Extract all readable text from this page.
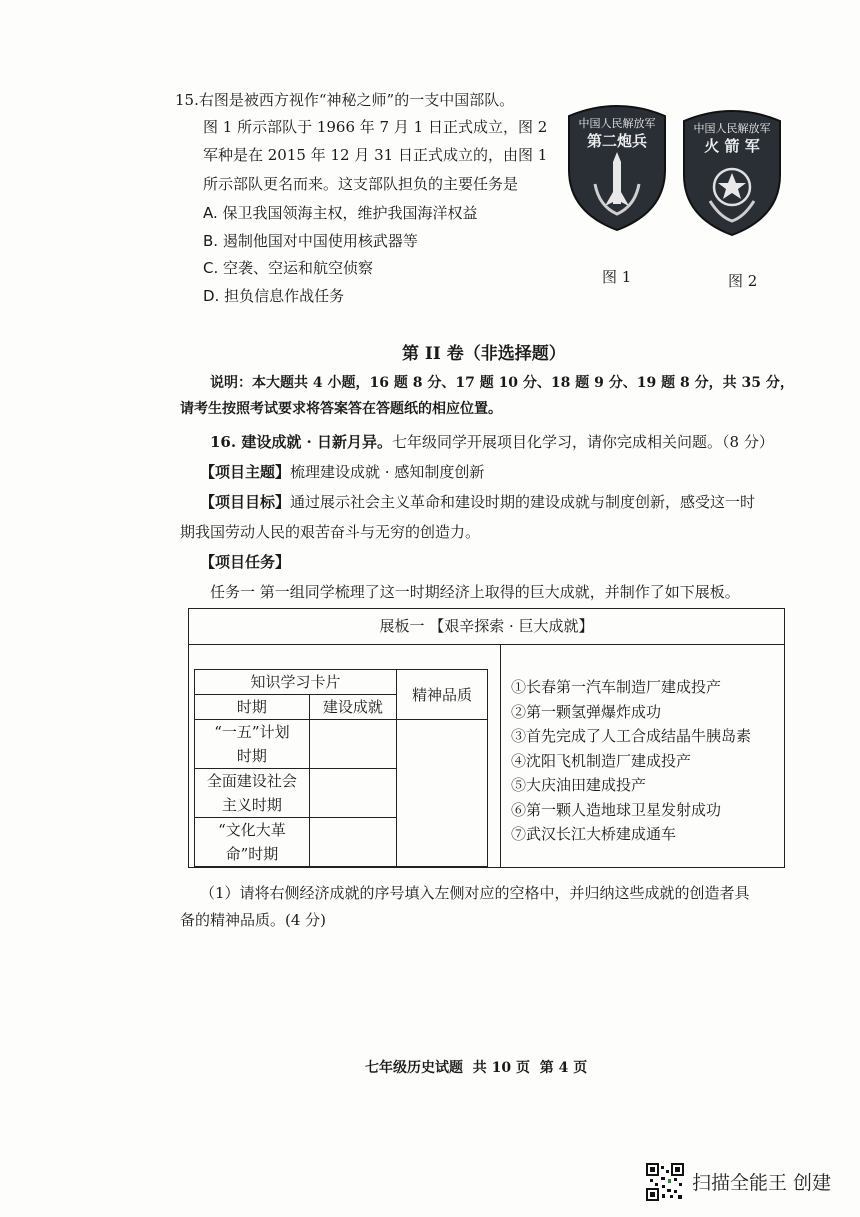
15.右图是被西方视作“神秘之师”的一支中国部队。
图 1 所示部队于 1966 年 7 月 1 日正式成立，图 2
军种是在 2015 年 12 月 31 日正式成立的，由图 1
所示部队更名而来。这支部队担负的主要任务是
A. 保卫我国领海主权，维护我国海洋权益
B. 遏制他国对中国使用核武器等
C. 空袭、空运和航空侦察
D. 担负信息作战任务
中国人民解放军
第二炮兵
图 1
中国人民解放军
火 箭 军
图 2
第 II 卷（非选择题）
说明：本大题共 4 小题，16 题 8 分、17 题 10 分、18 题 9 分、19 题 8 分，共 35 分，
请考生按照考试要求将答案答在答题纸的相应位置。
16. 建设成就 · 日新月异。七年级同学开展项目化学习，请你完成相关问题。（8 分）
【项目主题】梳理建设成就 · 感知制度创新
【项目目标】通过展示社会主义革命和建设时期的建设成就与制度创新，感受这一时
期我国劳动人民的艰苦奋斗与无穷的创造力。
【项目任务】
任务一 第一组同学梳理了这一时期经济上取得的巨大成就，并制作了如下展板。
展板一 【艰辛探索 · 巨大成就】
知识学习卡片		精神品质
时期	建设成就	

“一五”计划
时期		

全面建设社会
主义时期		

“文化大革
命”时期		

①长春第一汽车制造厂建成投产
②第一颗氢弹爆炸成功
③首先完成了人工合成结晶牛胰岛素
④沈阳飞机制造厂建成投产
⑤大庆油田建成投产
⑥第一颗人造地球卫星发射成功
⑦武汉长江大桥建成通车
（1）请将右侧经济成就的序号填入左侧对应的空格中，并归纳这些成就的创造者具
备的精神品质。(4 分)
七年级历史试题  共 10 页  第 4 页
扫描全能王 创建
